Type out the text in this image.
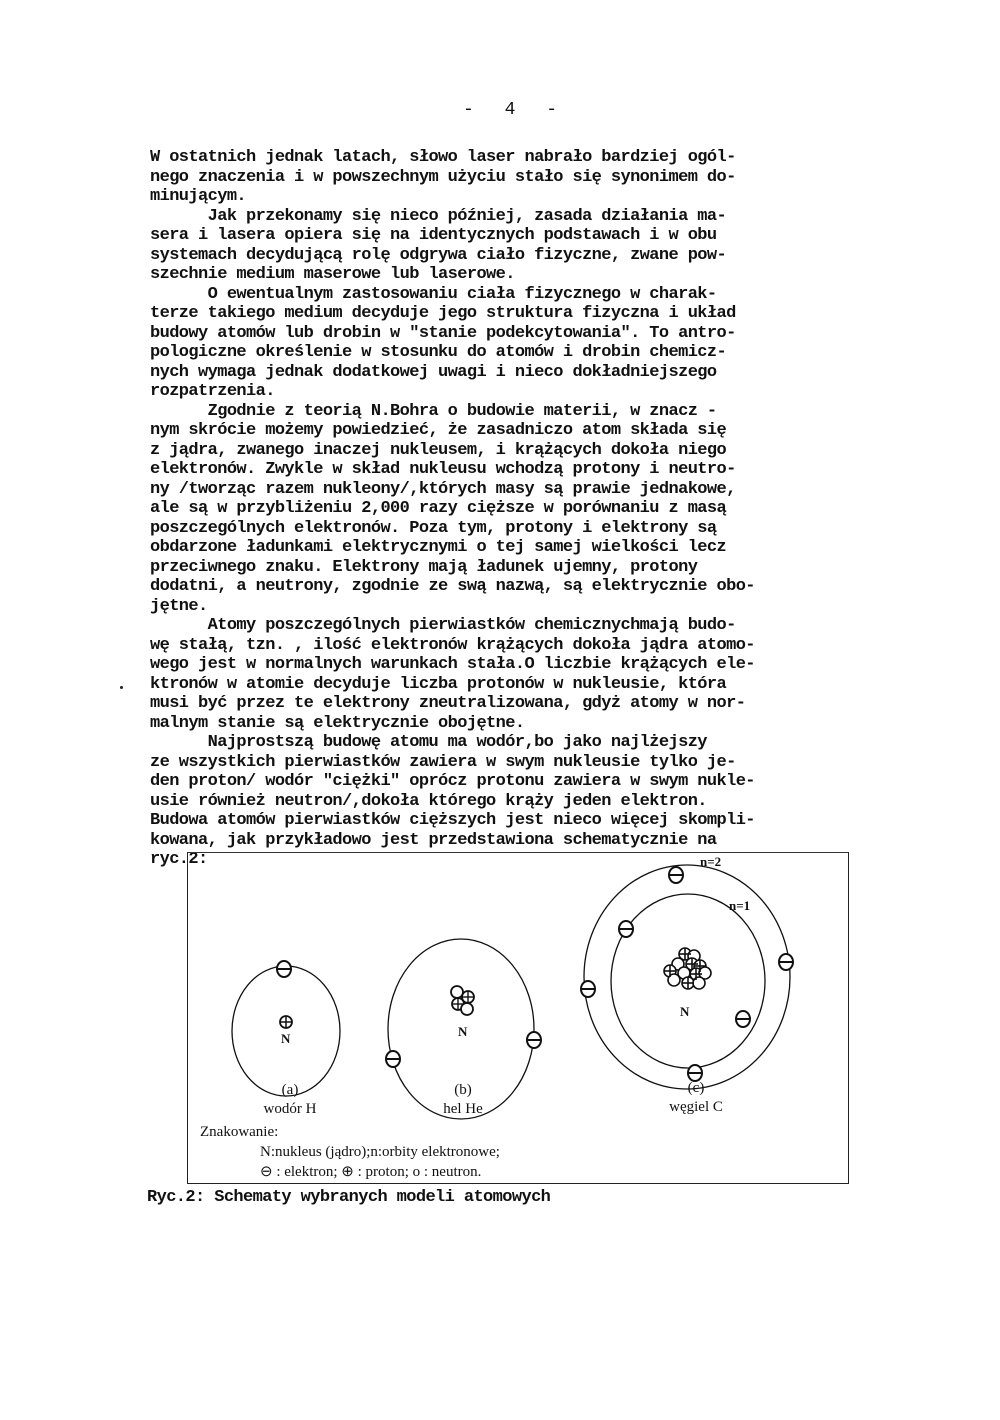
- 4 -
W ostatnich jednak latach, słowo laser nabrało bardziej ogól-
nego znaczenia i w powszechnym użyciu stało się synonimem do-
minującym.
Jak przekonamy się nieco później, zasada działania ma-
sera i lasera opiera się na identycznych podstawach i w obu
systemach decydującą rolę odgrywa ciało fizyczne, zwane pow-
szechnie medium maserowe lub laserowe.
O ewentualnym zastosowaniu ciała fizycznego w charak-
terze takiego medium decyduje jego struktura fizyczna i układ
budowy atomów lub drobin w "stanie podekcytowania". To antro-
pologiczne określenie w stosunku do atomów i drobin chemicz-
nych wymaga jednak dodatkowej uwagi i nieco dokładniejszego
rozpatrzenia.
Zgodnie z teorią N.Bohra o budowie materii, w znacz -
nym skrócie możemy powiedzieć, że zasadniczo atom składa się
z jądra, zwanego inaczej nukleusem, i krążących dokoła niego
elektronów. Zwykle w skład nukleusu wchodzą protony i neutro-
ny /tworząc razem nukleony/,których masy są prawie jednakowe,
ale są w przybliżeniu 2,000 razy cięższe w porównaniu z masą
poszczególnych elektronów. Poza tym, protony i elektrony są
obdarzone ładunkami elektrycznymi o tej samej wielkości lecz
przeciwnego znaku. Elektrony mają ładunek ujemny, protony
dodatni, a neutrony, zgodnie ze swą nazwą, są elektrycznie obo-
jętne.
Atomy poszczególnych pierwiastków chemicznychmają budo-
wę stałą, tzn. , ilość elektronów krążących dokoła jądra atomo-
wego jest w normalnych warunkach stała.O liczbie krążących ele-
ktronów w atomie decyduje liczba protonów w nukleusie, która
musi być przez te elektrony zneutralizowana, gdyż atomy w nor-
malnym stanie są elektrycznie obojętne.
Najprostszą budowę atomu ma wodór,bo jako najlżejszy
ze wszystkich pierwiastków zawiera w swym nukleusie tylko je-
den proton/ wodór "ciężki" oprócz protonu zawiera w swym nukle-
usie również neutron/,dokoła którego krąży jeden elektron.
Budowa atomów pierwiastków cięższych jest nieco więcej skompli-
kowana, jak przykładowo jest przedstawiona schematycznie na
ryc.2:
N	N
N
n=2
n=1
(a)
wodór H
(b)
hel He
(c)
węgiel C
Znakowanie:
N:nukleus (jądro);n:orbity elektronowe;
⊖ : elektron; ⊕ : proton; o : neutron.
Ryc.2: Schematy wybranych modeli atomowych
